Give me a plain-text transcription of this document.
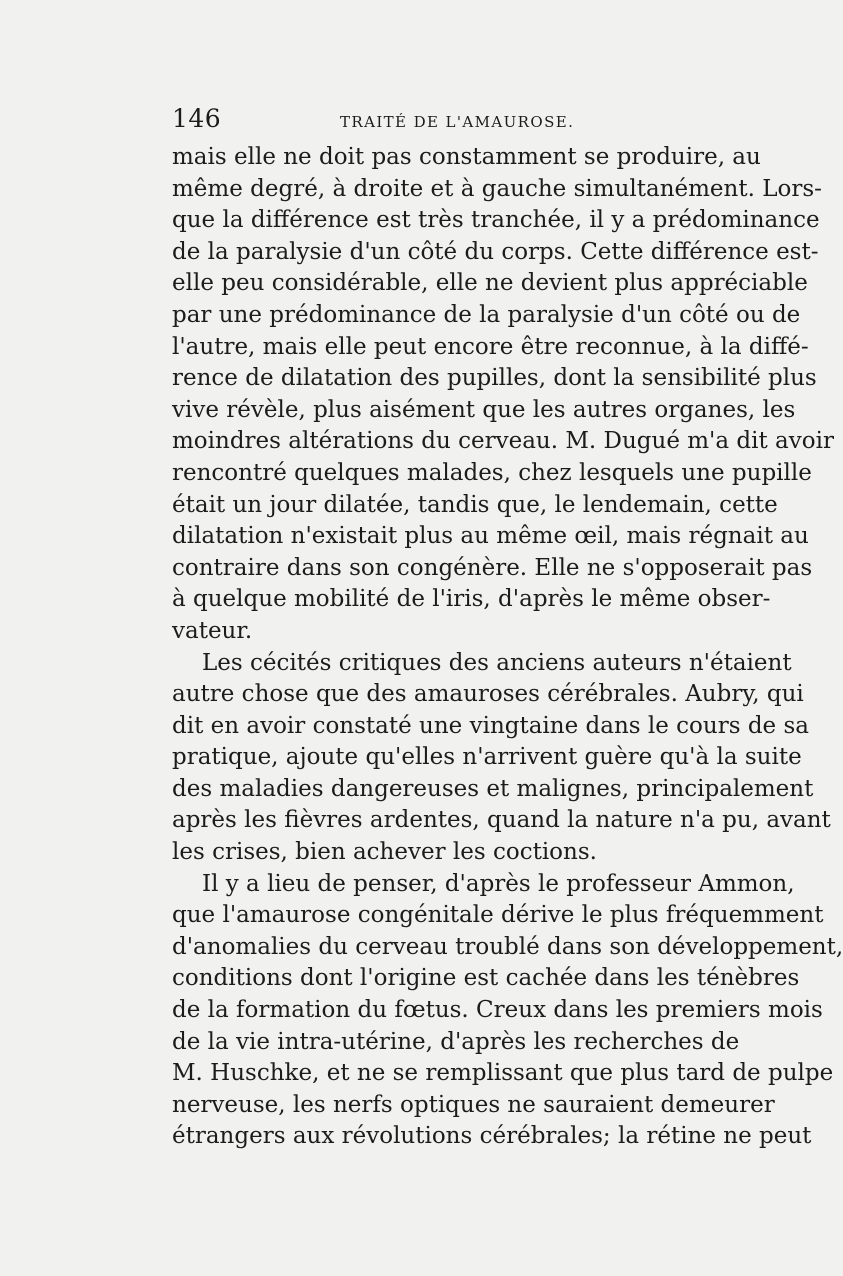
146	TRAITÉ DE L'AMAUROSE.
mais elle ne doit pas constamment se produire, au
même degré, à droite et à gauche simultanément. Lors-
que la différence est très tranchée, il y a prédominance
de la paralysie d'un côté du corps. Cette différence est-
elle peu considérable, elle ne devient plus appréciable
par une prédominance de la paralysie d'un côté ou de
l'autre, mais elle peut encore être reconnue, à la diffé-
rence de dilatation des pupilles, dont la sensibilité plus
vive révèle, plus aisément que les autres organes, les
moindres altérations du cerveau. M. Dugué m'a dit avoir
rencontré quelques malades, chez lesquels une pupille
était un jour dilatée, tandis que, le lendemain, cette
dilatation n'existait plus au même œil, mais régnait au
contraire dans son congénère. Elle ne s'opposerait pas
à quelque mobilité de l'iris, d'après le même obser-
vateur.
Les cécités critiques des anciens auteurs n'étaient
autre chose que des amauroses cérébrales. Aubry, qui
dit en avoir constaté une vingtaine dans le cours de sa
pratique, ajoute qu'elles n'arrivent guère qu'à la suite
des maladies dangereuses et malignes, principalement
après les fièvres ardentes, quand la nature n'a pu, avant
les crises, bien achever les coctions.
Il y a lieu de penser, d'après le professeur Ammon,
que l'amaurose congénitale dérive le plus fréquemment
d'anomalies du cerveau troublé dans son développement,
conditions dont l'origine est cachée dans les ténèbres
de la formation du fœtus. Creux dans les premiers mois
de la vie intra-utérine, d'après les recherches de
M. Huschke, et ne se remplissant que plus tard de pulpe
nerveuse, les nerfs optiques ne sauraient demeurer
étrangers aux révolutions cérébrales; la rétine ne peut
